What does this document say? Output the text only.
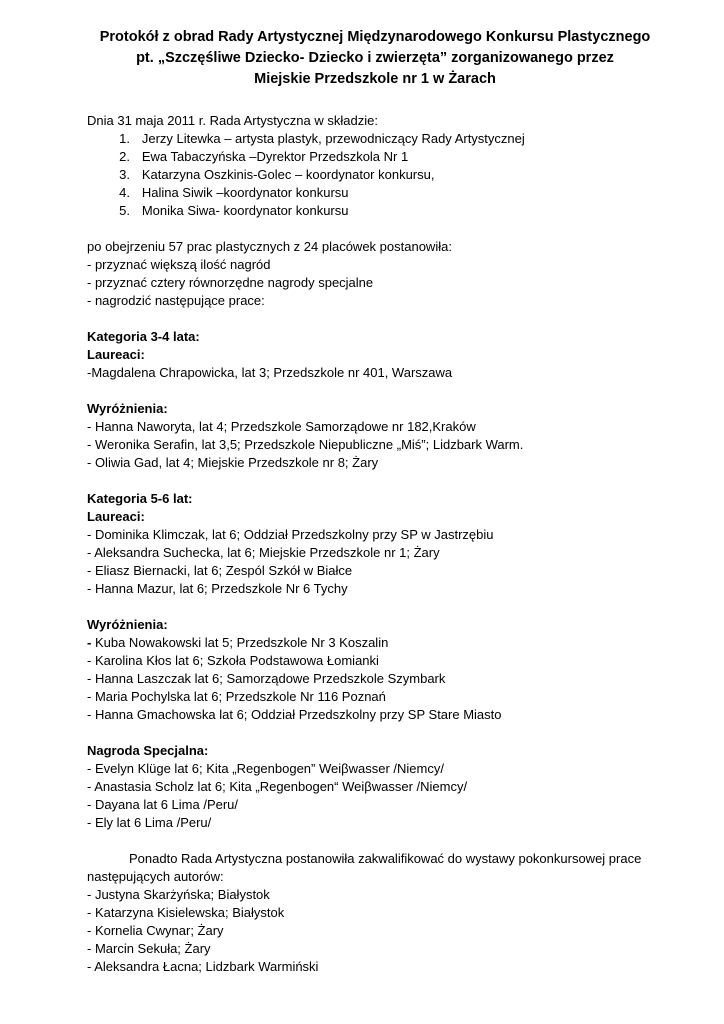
Protokół z obrad Rady Artystycznej Międzynarodowego Konkursu Plastycznego
pt. „Szczęśliwe Dziecko- Dziecko i zwierzęta” zorganizowanego przez
Miejskie Przedszkole nr 1 w Żarach
Dnia 31 maja 2011 r. Rada Artystyczna w składzie:
1.
Jerzy Litewka – artysta plastyk, przewodniczący Rady Artystycznej
2.
Ewa Tabaczyńska –Dyrektor Przedszkola Nr 1
3.
Katarzyna Oszkinis-Golec – koordynator konkursu,
4.
Halina Siwik –koordynator konkursu
5.
Monika Siwa- koordynator konkursu
po obejrzeniu 57 prac plastycznych z 24 placówek postanowiła:
- przyznać większą ilość nagród
- przyznać cztery równorzędne nagrody specjalne
- nagrodzić następujące prace:
Kategoria 3-4 lata:
Laureaci:
-Magdalena Chrapowicka, lat 3; Przedszkole nr 401, Warszawa
Wyróżnienia:
- Hanna Naworyta, lat 4; Przedszkole Samorządowe nr 182,Kraków
- Weronika Serafin, lat 3,5; Przedszkole Niepubliczne „Miś”; Lidzbark Warm.
- Oliwia Gad, lat 4; Miejskie Przedszkole nr 8; Żary
Kategoria 5-6 lat:
Laureaci:
- Dominika Klimczak, lat 6; Oddział Przedszkolny przy SP w Jastrzębiu
- Aleksandra Suchecka, lat 6; Miejskie Przedszkole nr 1; Żary
- Eliasz Biernacki, lat 6; Zespól Szkół w Białce
- Hanna Mazur, lat 6; Przedszkole Nr 6 Tychy
Wyróżnienia:
- Kuba Nowakowski lat 5; Przedszkole Nr 3 Koszalin
- Karolina Kłos lat 6; Szkoła Podstawowa Łomianki
- Hanna Laszczak lat 6; Samorządowe Przedszkole Szymbark
- Maria Pochylska lat 6; Przedszkole Nr 116 Poznań
- Hanna Gmachowska lat 6; Oddział Przedszkolny przy SP Stare Miasto
Nagroda Specjalna:
- Evelyn Klüge lat 6; Kita „Regenbogen” Weiβwasser /Niemcy/
- Anastasia Scholz lat 6; Kita „Regenbogen“ Weiβwasser /Niemcy/
- Dayana lat 6 Lima /Peru/
- Ely lat 6 Lima /Peru/
Ponadto Rada Artystyczna postanowiła zakwalifikować do wystawy pokonkursowej prace
następujących autorów:
- Justyna Skarżyńska; Białystok
- Katarzyna Kisielewska; Białystok
- Kornelia Cwynar; Żary
- Marcin Sekuła; Żary
- Aleksandra Łacna; Lidzbark Warmiński
